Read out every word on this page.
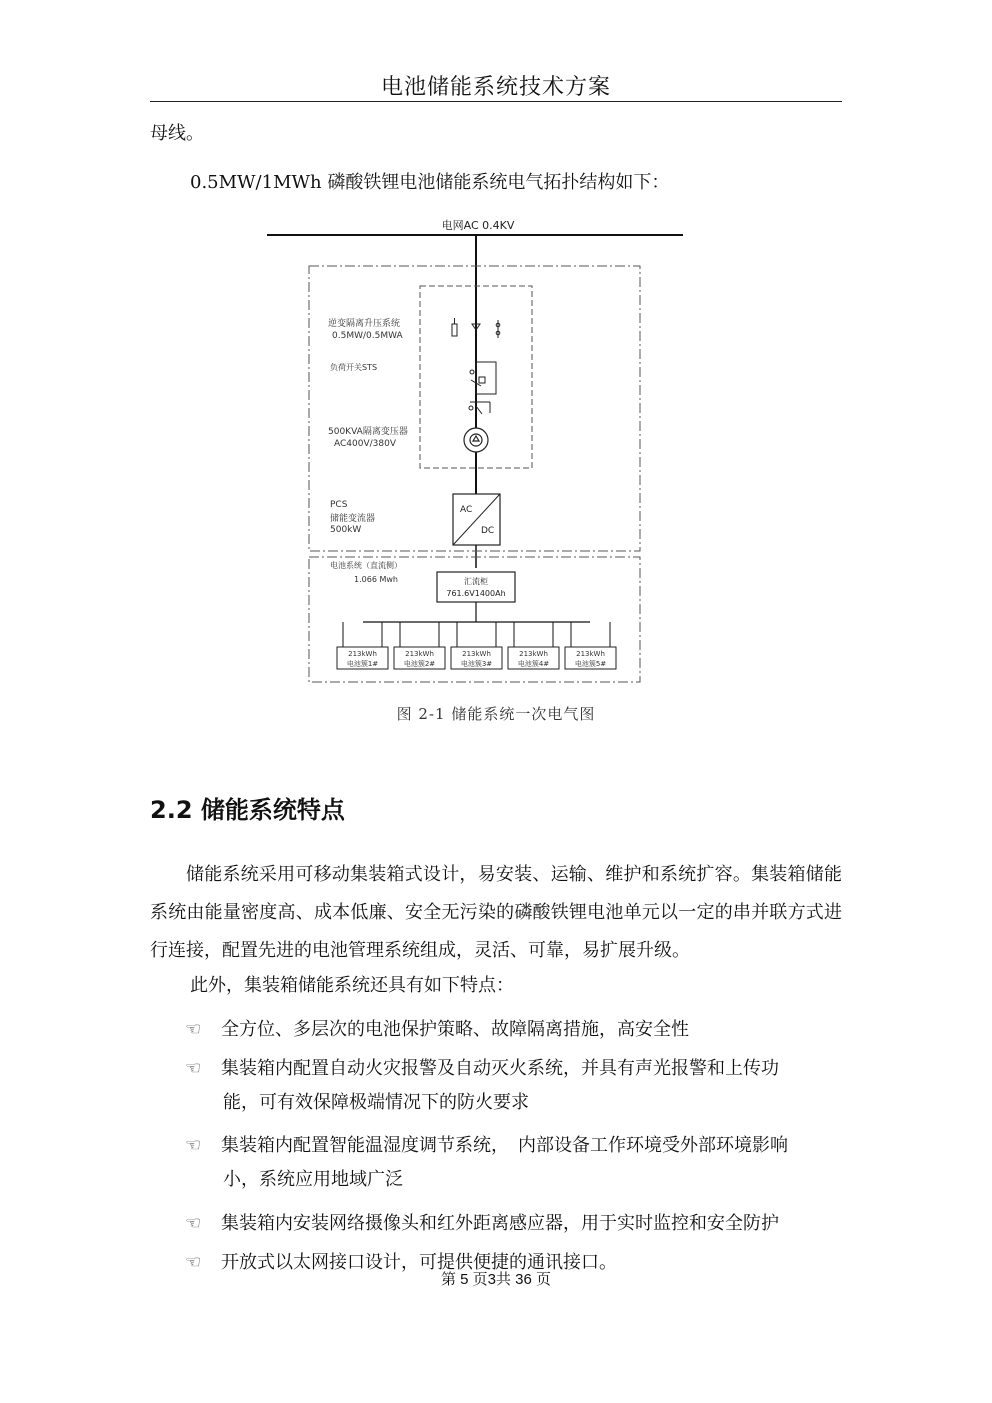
电池储能系统技术方案
母线。
0.5MW/1MWh 磷酸铁锂电池储能系统电气拓扑结构如下：
电网AC 0.4KV
逆变隔离升压系统
0.5MW/0.5MWA
负荷开关STS
500KVA隔离变压器
AC400V/380V
PCS
储能变流器
500kW
AC
DC
电池系统（直流侧）
1.066 Mwh	汇流柜
761.6V1400Ah
213kWh
电池簇1#
213kWh
电池簇2#
213kWh
电池簇3#
213kWh
电池簇4#
213kWh
电池簇5#
图 2-1 储能系统一次电气图
2.2 储能系统特点
储能系统采用可移动集装箱式设计，易安装、运输、维护和系统扩容。集装箱储能系统由能量密度高、成本低廉、安全无污染的磷酸铁锂电池单元以一定的串并联方式进行连接，配置先进的电池管理系统组成，灵活、可靠，易扩展升级。
此外，集装箱储能系统还具有如下特点：
☜ 全方位、多层次的电池保护策略、故障隔离措施，高安全性
☜ 集装箱内配置自动火灾报警及自动灭火系统，并具有声光报警和上传功
能，可有效保障极端情况下的防火要求
☜ 集装箱内配置智能温湿度调节系统，　内部设备工作环境受外部环境影响
小，系统应用地域广泛
☜ 集装箱内安装网络摄像头和红外距离感应器，用于实时监控和安全防护
☜ 开放式以太网接口设计，可提供便捷的通讯接口。
第 5 页3共 36 页
